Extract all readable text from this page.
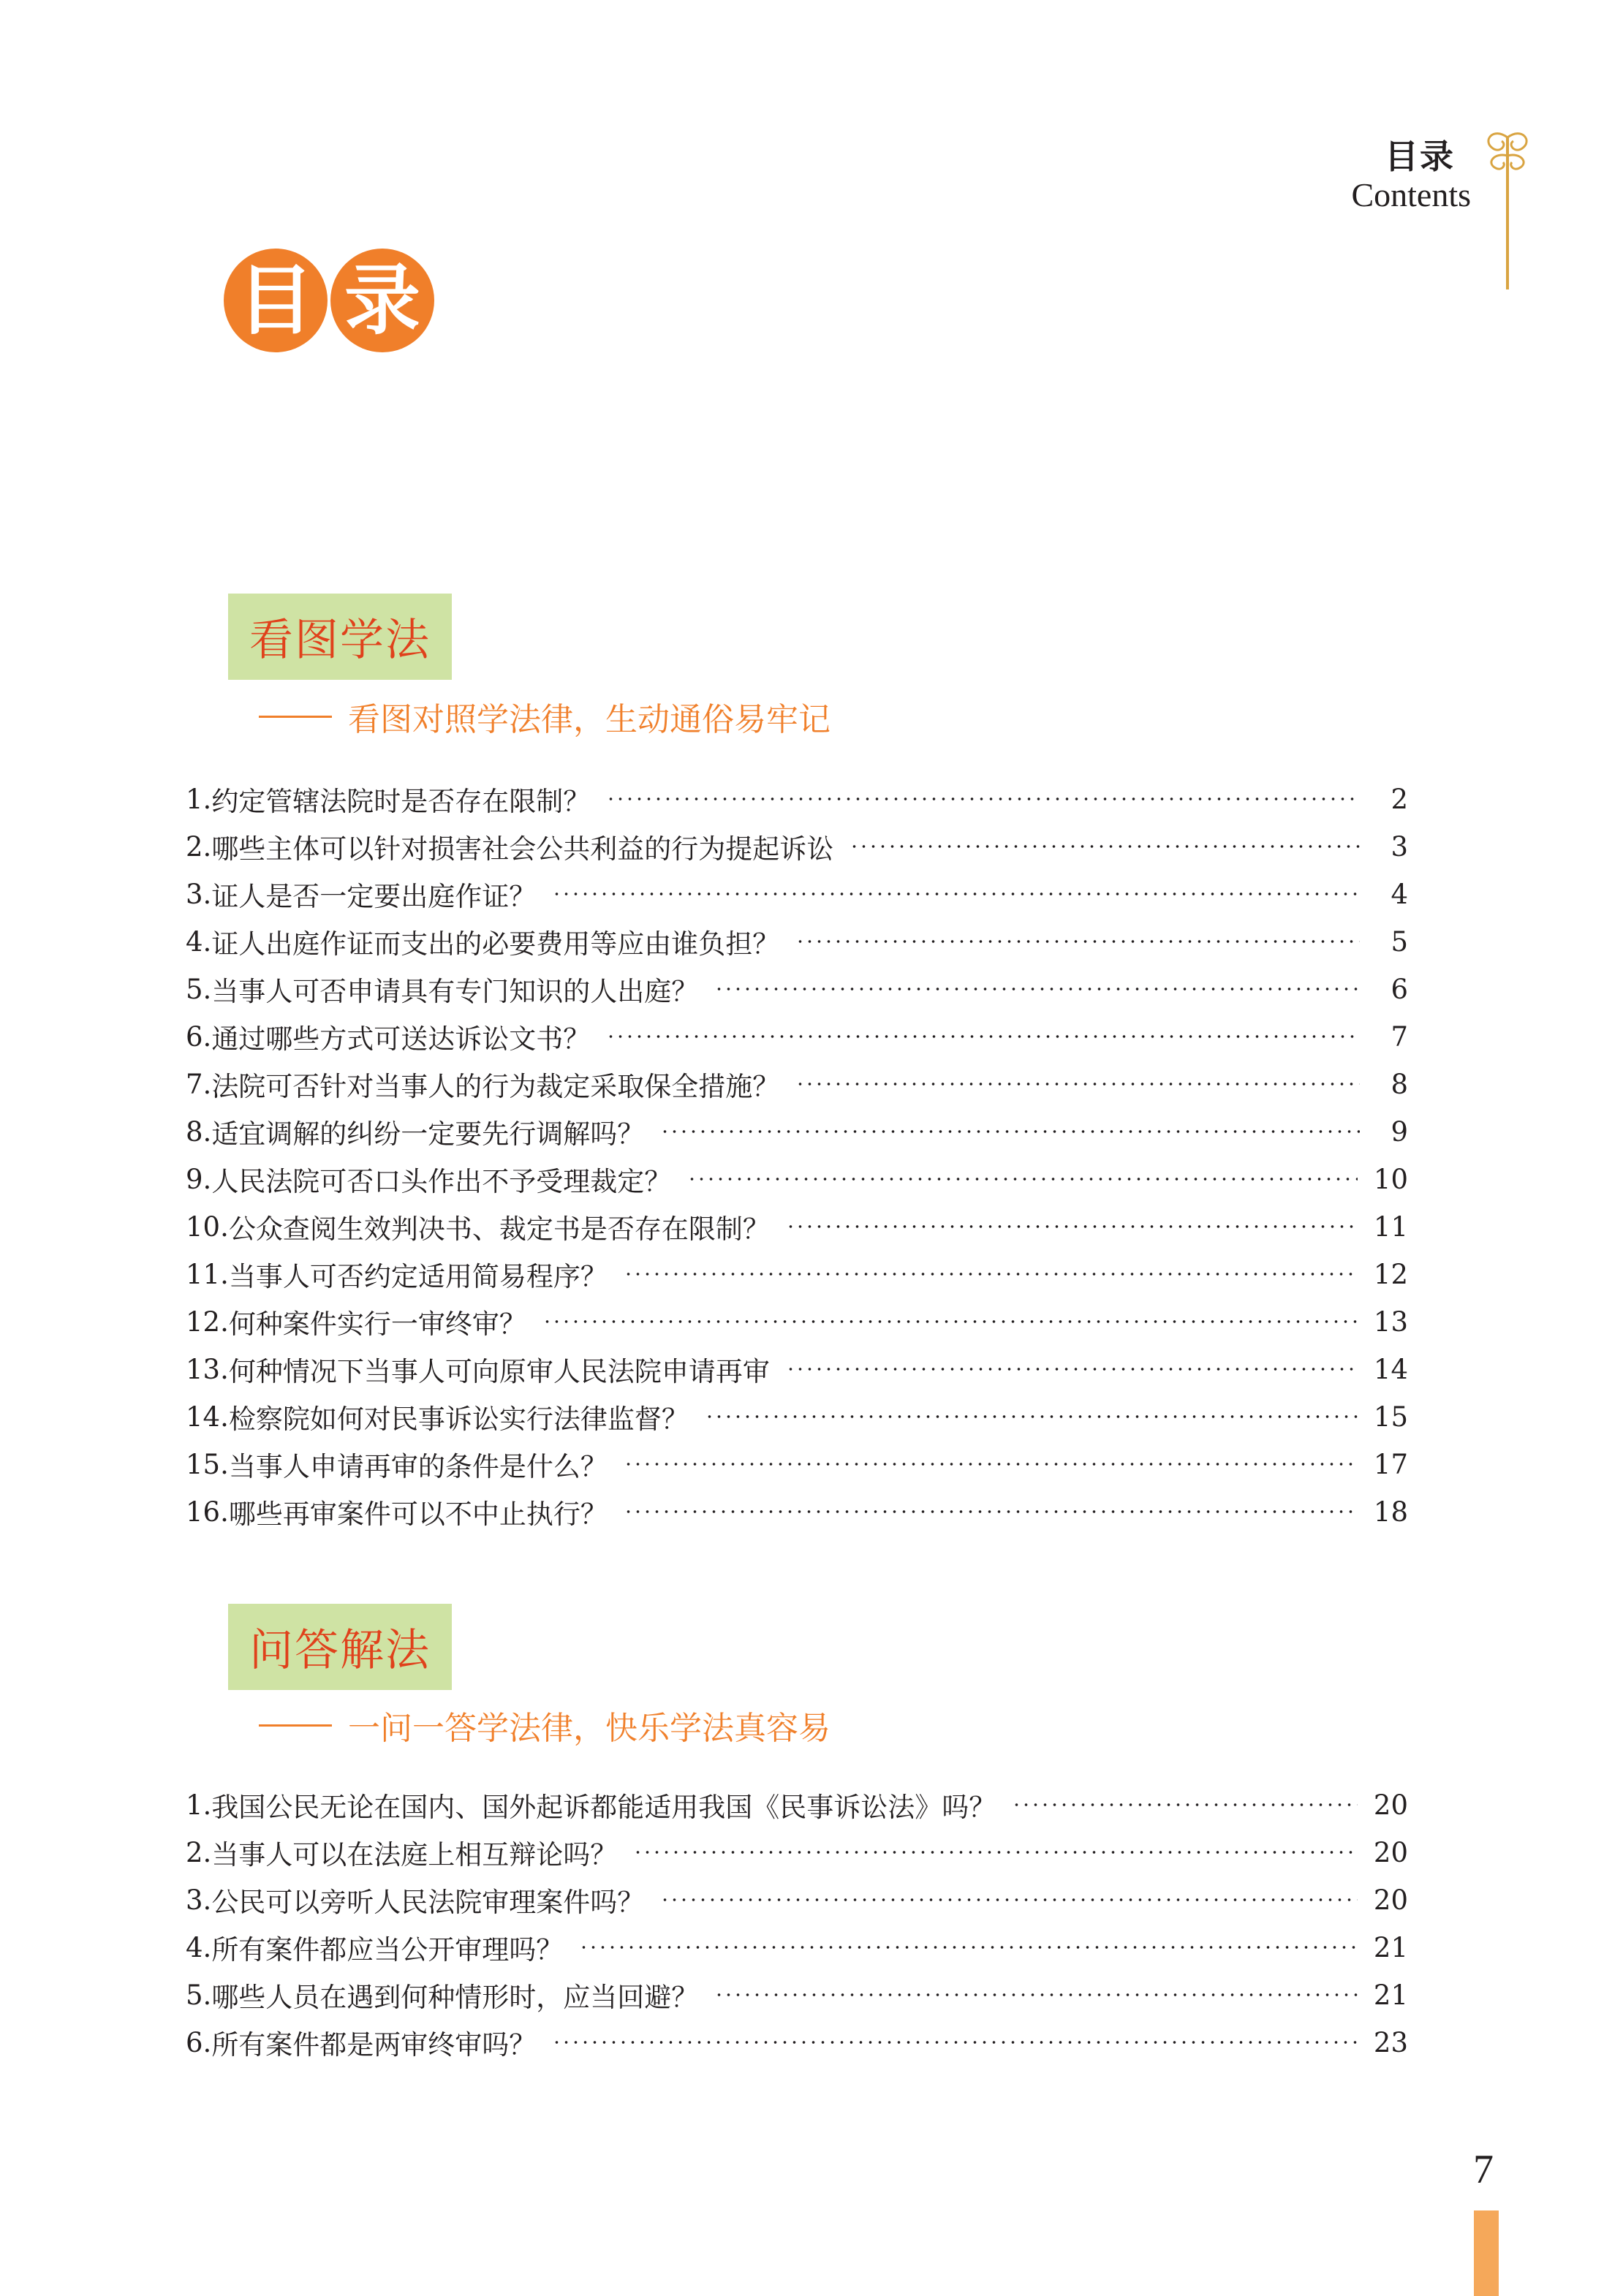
目录
Contents
目 录
看图学法
看图对照学法律，生动通俗易牢记
1. 约定管辖法院时是否存在限制？	2
2. 哪些主体可以针对损害社会公共利益的行为提起诉讼	3
3. 证人是否一定要出庭作证？	4
4. 证人出庭作证而支出的必要费用等应由谁负担？	5
5. 当事人可否申请具有专门知识的人出庭？	6
6. 通过哪些方式可送达诉讼文书？	7
7. 法院可否针对当事人的行为裁定采取保全措施？	8
8. 适宜调解的纠纷一定要先行调解吗？	9
9. 人民法院可否口头作出不予受理裁定？	10
10. 公众查阅生效判决书、裁定书是否存在限制？	11
11. 当事人可否约定适用简易程序？	12
12. 何种案件实行一审终审？	13
13. 何种情况下当事人可向原审人民法院申请再审	14
14. 检察院如何对民事诉讼实行法律监督？	15
15. 当事人申请再审的条件是什么？	17
16. 哪些再审案件可以不中止执行？	18
问答解法
一问一答学法律，快乐学法真容易
1. 我国公民无论在国内、国外起诉都能适用我国《民事诉讼法》吗？	20
2. 当事人可以在法庭上相互辩论吗？	20
3. 公民可以旁听人民法院审理案件吗？	20
4. 所有案件都应当公开审理吗？	21
5. 哪些人员在遇到何种情形时，应当回避？	21
6. 所有案件都是两审终审吗？	23
7
